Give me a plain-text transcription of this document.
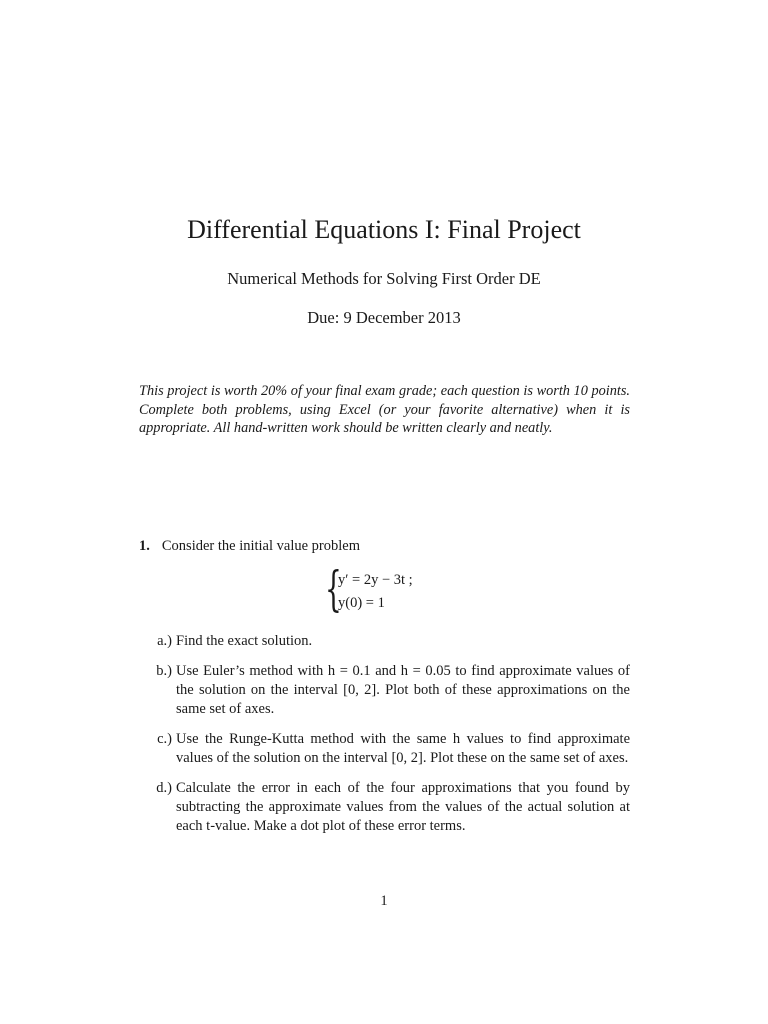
Differential Equations I: Final Project
Numerical Methods for Solving First Order DE
Due: 9 December 2013
This project is worth 20% of your final exam grade; each question is worth 10 points. Complete both problems, using Excel (or your favorite alternative) when it is appropriate. All hand-written work should be written clearly and neatly.
1. Consider the initial value problem
{
y′ = 2y − 3t ;
y(0) = 1
a.) Find the exact solution.
b.) Use Euler’s method with h = 0.1 and h = 0.05 to find approximate values of the solution on the interval [0, 2]. Plot both of these approximations on the same set of axes.
c.) Use the Runge-Kutta method with the same h values to find approximate values of the solution on the interval [0, 2]. Plot these on the same set of axes.
d.) Calculate the error in each of the four approximations that you found by subtracting the approximate values from the values of the actual solution at each t-value. Make a dot plot of these error terms.
1
